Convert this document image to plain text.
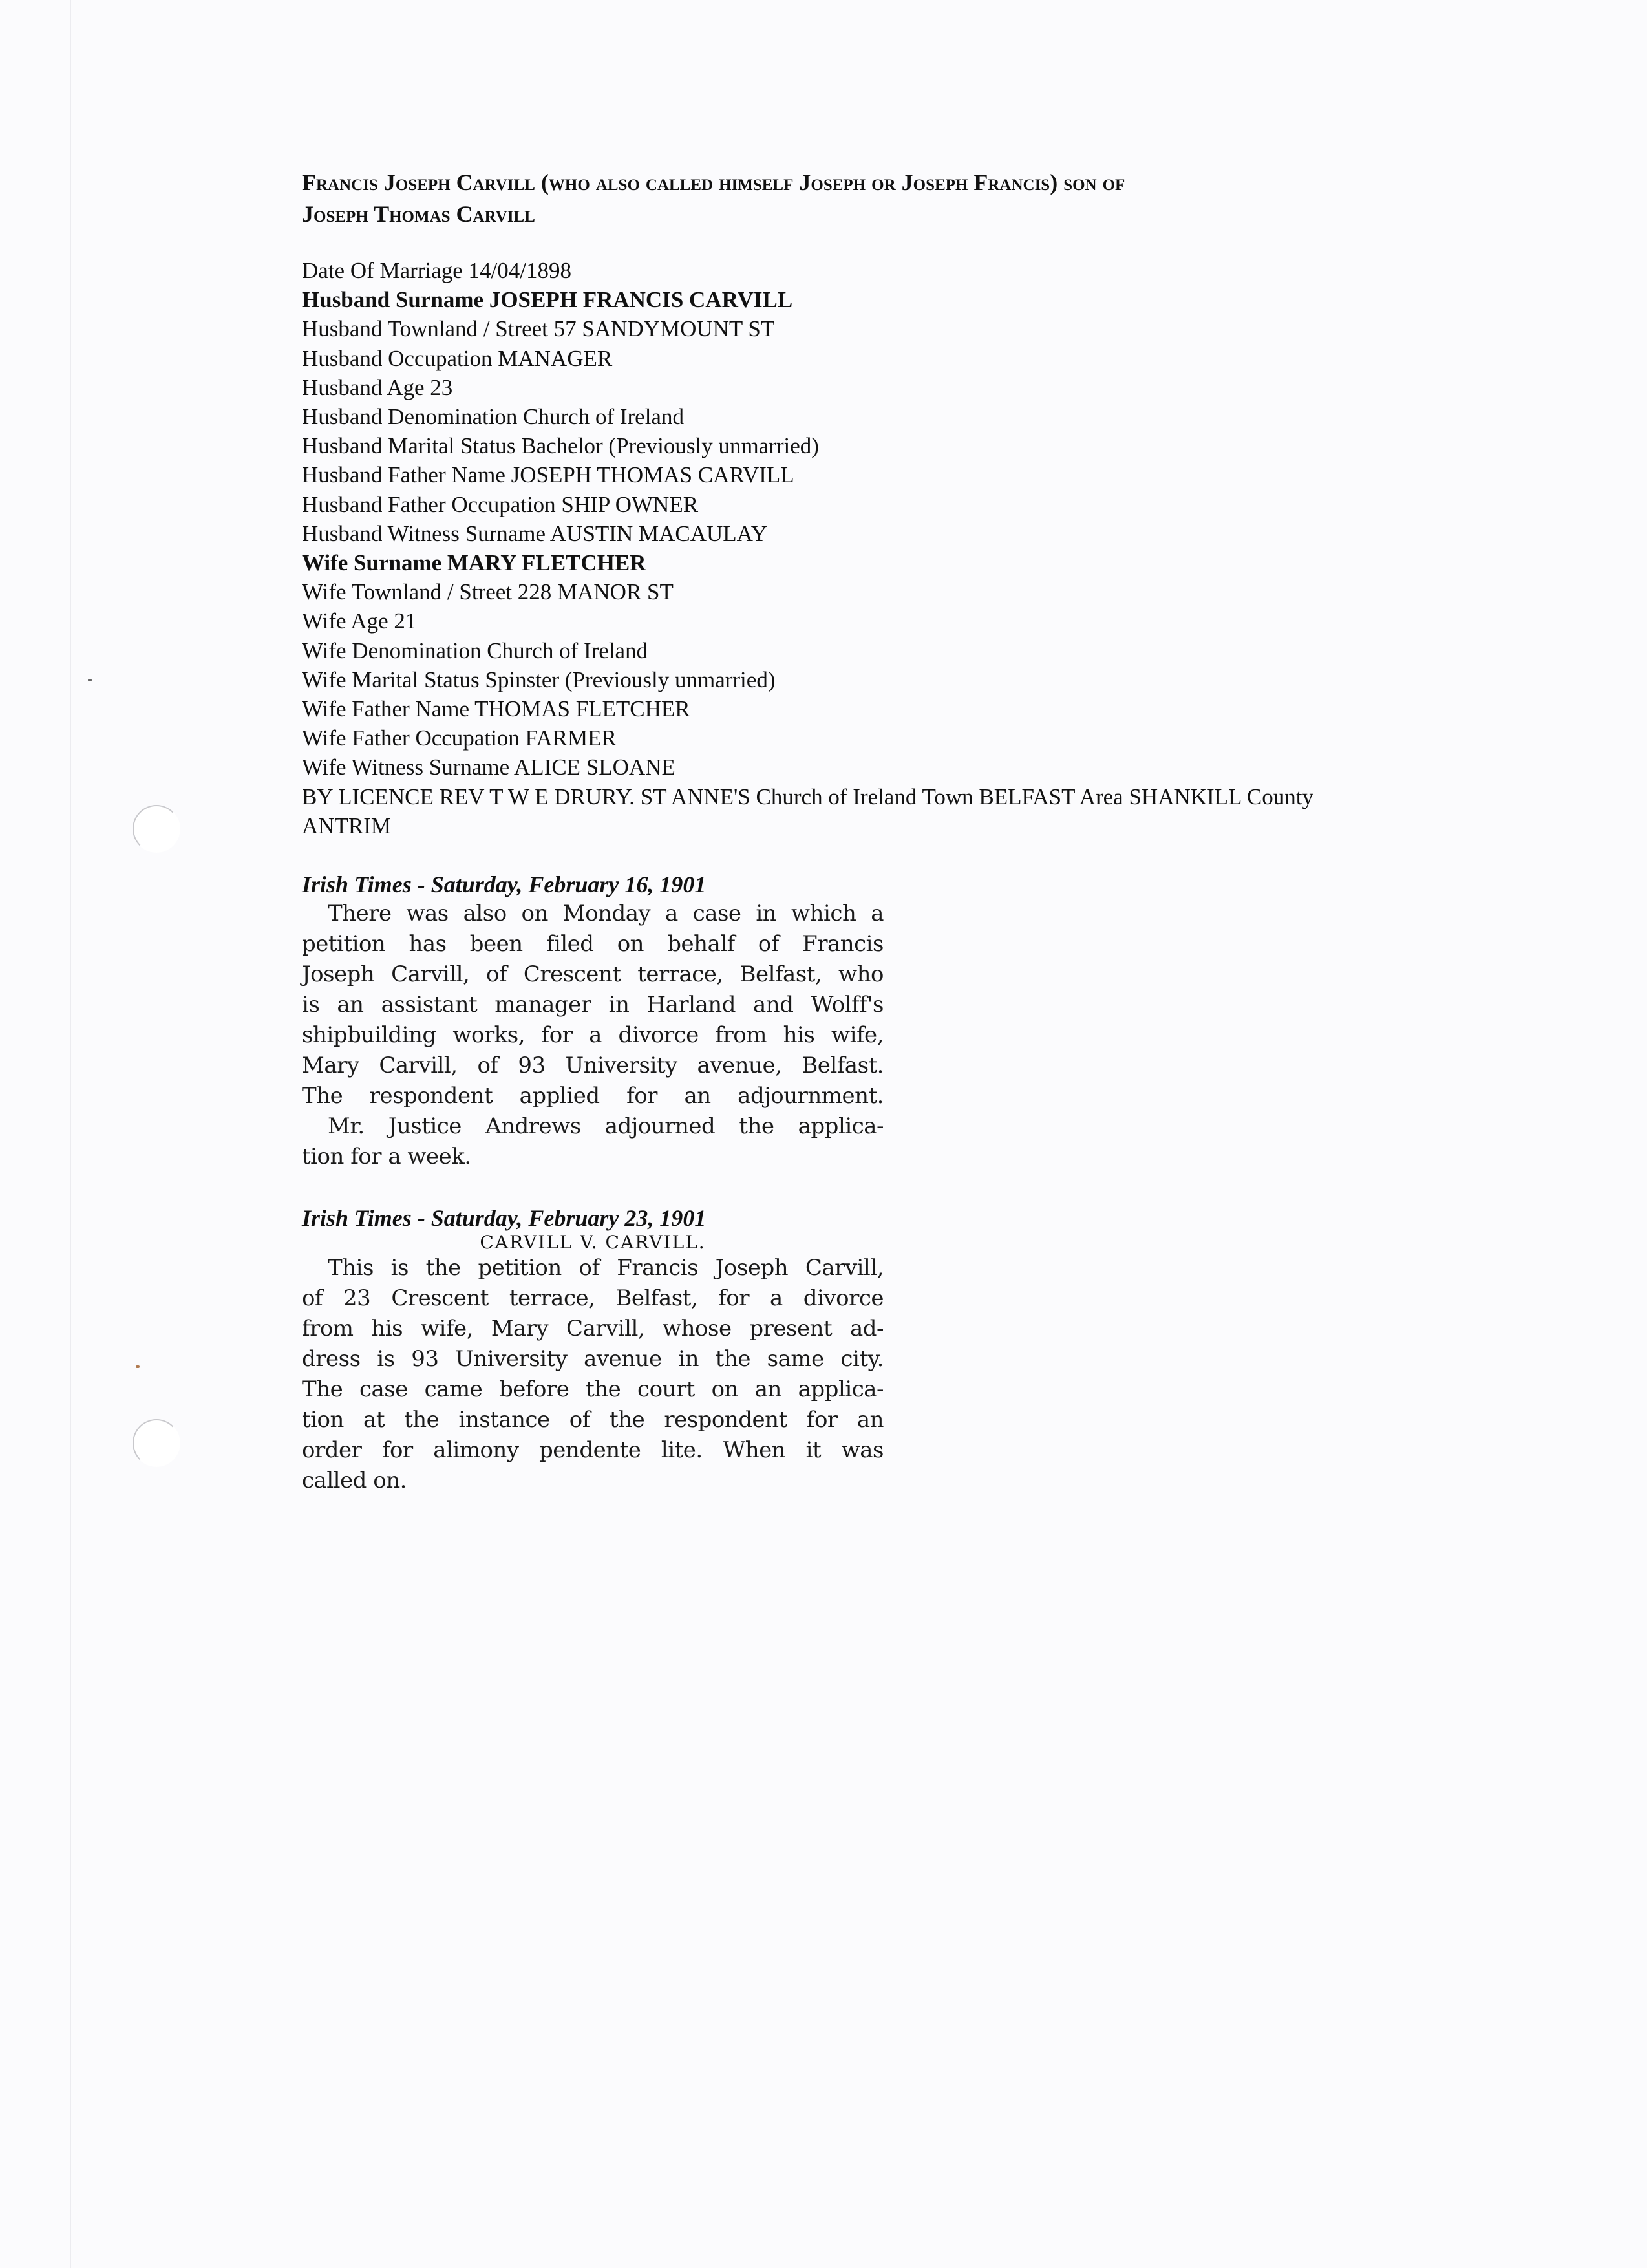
Francis Joseph Carvill (who also called himself Joseph or Joseph Francis) son of
Joseph Thomas Carvill
Date Of Marriage 14/04/1898
Husband Surname JOSEPH FRANCIS CARVILL
Husband Townland / Street 57 SANDYMOUNT ST
Husband Occupation MANAGER
Husband Age 23
Husband Denomination Church of Ireland
Husband Marital Status Bachelor (Previously unmarried)
Husband Father Name JOSEPH THOMAS CARVILL
Husband Father Occupation SHIP OWNER
Husband Witness Surname AUSTIN MACAULAY
Wife Surname MARY FLETCHER
Wife Townland / Street 228 MANOR ST
Wife Age 21
Wife Denomination Church of Ireland
Wife Marital Status Spinster (Previously unmarried)
Wife Father Name THOMAS FLETCHER
Wife Father Occupation FARMER
Wife Witness Surname ALICE SLOANE
BY LICENCE REV T W E DRURY. ST ANNE'S Church of Ireland Town BELFAST Area SHANKILL County ANTRIM
Irish Times - Saturday, February 16, 1901
There was also on Monday a case in which a
petition has been filed on behalf of Francis
Joseph Carvill, of Crescent terrace, Belfast, who
is an assistant manager in Harland and Wolff's
shipbuilding works, for a divorce from his wife,
Mary Carvill, of 93 University avenue, Belfast.
The respondent applied for an adjournment.
Mr. Justice Andrews adjourned the applica-
tion for a week.
Irish Times - Saturday, February 23, 1901
CARVILL V. CARVILL.
This is the petition of Francis Joseph Carvill,
of 23 Crescent terrace, Belfast, for a divorce
from his wife, Mary Carvill, whose present ad-
dress is 93 University avenue in the same city.
The case came before the court on an applica-
tion at the instance of the respondent for an
order for alimony pendente lite. When it was
called on.
